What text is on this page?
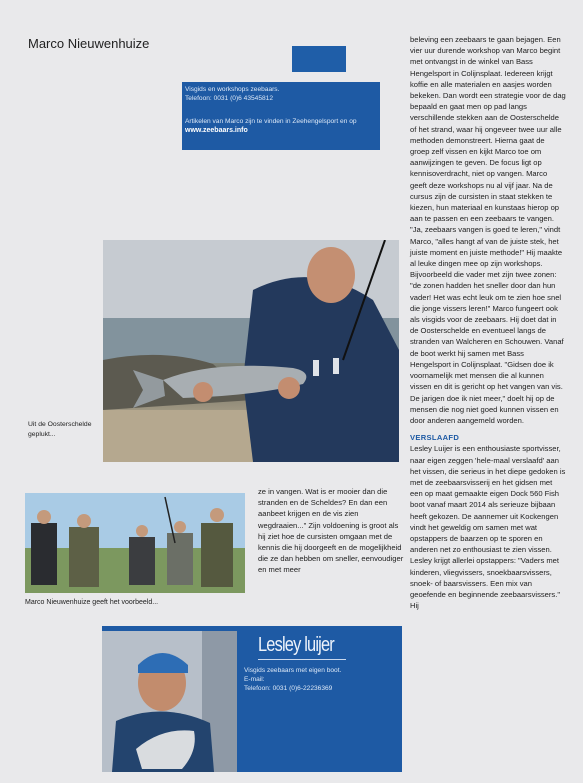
Marco Nieuwenhuize
Visgids en workshops zeebaars.
Telefoon: 0031 (0)6 43545812
Artikelen van Marco zijn te vinden in Zeehengelsport en op
www.zeebaars.info
Uit de Oosterschelde geplukt...
Marco Nieuwenhuize geeft het voorbeeld...

ze in vangen. Wat is er mooier dan die stranden en de Scheldes? En dan een aanbeet krijgen en de vis zien wegdraaien..." Zijn voldoening is groot als hij ziet hoe de cursisten omgaan met de kennis die hij doorgeeft en de mogelijkheid die ze dan hebben om sneller, eenvoudiger en met meer

beleving een zeebaars te gaan bejagen. Een vier uur durende workshop van Marco begint met ontvangst in de winkel van Bass Hengelsport in Colijnsplaat. Iedereen krijgt koffie en alle materialen en aasjes worden bekeken. Dan wordt een strategie voor de dag bepaald en gaat men op pad langs verschillende stekken aan de Oosterschelde of het strand, waar hij ongeveer twee uur alle methoden demonstreert. Hierna gaat de groep zelf vissen en kijkt Marco toe om aanwijzingen te geven. De focus ligt op kennisoverdracht, niet op vangen. Marco geeft deze workshops nu al vijf jaar. Na de cursus zijn de cursisten in staat stekken te kiezen, hun materiaal en kunstaas hierop op aan te passen en een zeebaars te vangen. "Ja, zeebaars vangen is goed te leren," vindt Marco, "alles hangt af van de juiste stek, het juiste moment en juiste methode!" Hij maakte al leuke dingen mee op zijn workshops. Bijvoorbeeld die vader met zijn twee zonen: "de zonen hadden het sneller door dan hun vader! Het was echt leuk om te zien hoe snel die jonge vissers leren!" Marco fungeert ook als visgids voor de zeebaars. Hij doet dat in de Oosterschelde en eventueel langs de stranden van Walcheren en Schouwen. Vanaf de boot werkt hij samen met Bass Hengelsport in Colijnsplaat. "Gidsen doe ik voornamelijk met mensen die al kunnen vissen en dit is gericht op het vangen van vis. De jarigen doe ik niet meer," doelt hij op de mensen die nog niet goed kunnen vissen en door anderen aangemeld worden.

VERSLAAFD

Lesley Luijer is een enthousiaste sportvisser, naar eigen zeggen 'hele-maal verslaafd' aan het vissen, die serieus in het diepe gedoken is met de zeebaarsvisserij en het gidsen met een op maat gemaakte eigen Dock 560 Fish boot vanaf maart 2014 als serieuze bijbaan heeft gekozen. De aannemer uit Kockengen vindt het geweldig om samen met wat opstappers de baarzen op te sporen en anderen net zo enthousiast te zien vissen. Lesley krijgt allerlei opstappers: "Vaders met kinderen, vliegvissers, snoekbaarsvissers, snoek- of baarsvissers. Een mix van geoefende en beginnende zeebaarsvissers." Hij

Lesley luijer
Visgids zeebaars met eigen boot.
E-mail:
Telefoon: 0031 (0)6-22236369
